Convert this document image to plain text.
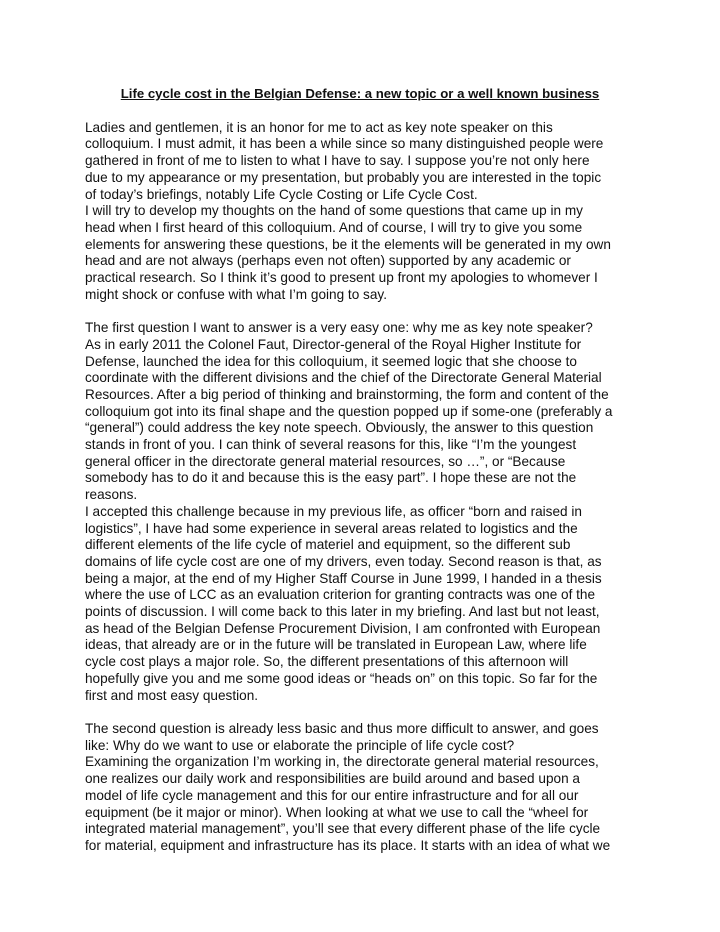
Life cycle cost in the Belgian Defense: a new topic or a well known business
Ladies and gentlemen, it is an honor for me to act as key note speaker on this
colloquium. I must admit, it has been a while since so many distinguished people were
gathered in front of me to listen to what I have to say. I suppose you’re not only here
due to my appearance or my presentation, but probably you are interested in the topic
of today’s briefings, notably Life Cycle Costing or Life Cycle Cost.
I will try to develop my thoughts on the hand of some questions that came up in my
head when I first heard of this colloquium. And of course, I will try to give you some
elements for answering these questions, be it the elements will be generated in my own
head and are not always (perhaps even not often) supported by any academic or
practical research. So I think it’s good to present up front my apologies to whomever I
might shock or confuse with what I’m going to say.
The first question I want to answer is a very easy one: why me as key note speaker?
As in early 2011 the Colonel Faut, Director-general of the Royal Higher Institute for
Defense, launched the idea for this colloquium, it seemed logic that she choose to
coordinate with the different divisions and the chief of the Directorate General Material
Resources. After a big period of thinking and brainstorming, the form and content of the
colloquium got into its final shape and the question popped up if some-one (preferably a
“general”) could address the key note speech. Obviously, the answer to this question
stands in front of you. I can think of several reasons for this, like “I’m the youngest
general officer in the directorate general material resources, so …”, or “Because
somebody has to do it and because this is the easy part”. I hope these are not the
reasons.
I accepted this challenge because in my previous life, as officer “born and raised in
logistics”, I have had some experience in several areas related to logistics and the
different elements of the life cycle of materiel and equipment, so the different sub
domains of life cycle cost are one of my drivers, even today. Second reason is that, as
being a major, at the end of my Higher Staff Course in June 1999, I handed in a thesis
where the use of LCC as an evaluation criterion for granting contracts was one of the
points of discussion. I will come back to this later in my briefing. And last but not least,
as head of the Belgian Defense Procurement Division, I am confronted with European
ideas, that already are or in the future will be translated in European Law, where life
cycle cost plays a major role. So, the different presentations of this afternoon will
hopefully give you and me some good ideas or “heads on” on this topic. So far for the
first and most easy question.
The second question is already less basic and thus more difficult to answer, and goes
like: Why do we want to use or elaborate the principle of life cycle cost?
Examining the organization I’m working in, the directorate general material resources,
one realizes our daily work and responsibilities are build around and based upon a
model of life cycle management and this for our entire infrastructure and for all our
equipment (be it major or minor). When looking at what we use to call the “wheel for
integrated material management”, you’ll see that every different phase of the life cycle
for material, equipment and infrastructure has its place. It starts with an idea of what we
